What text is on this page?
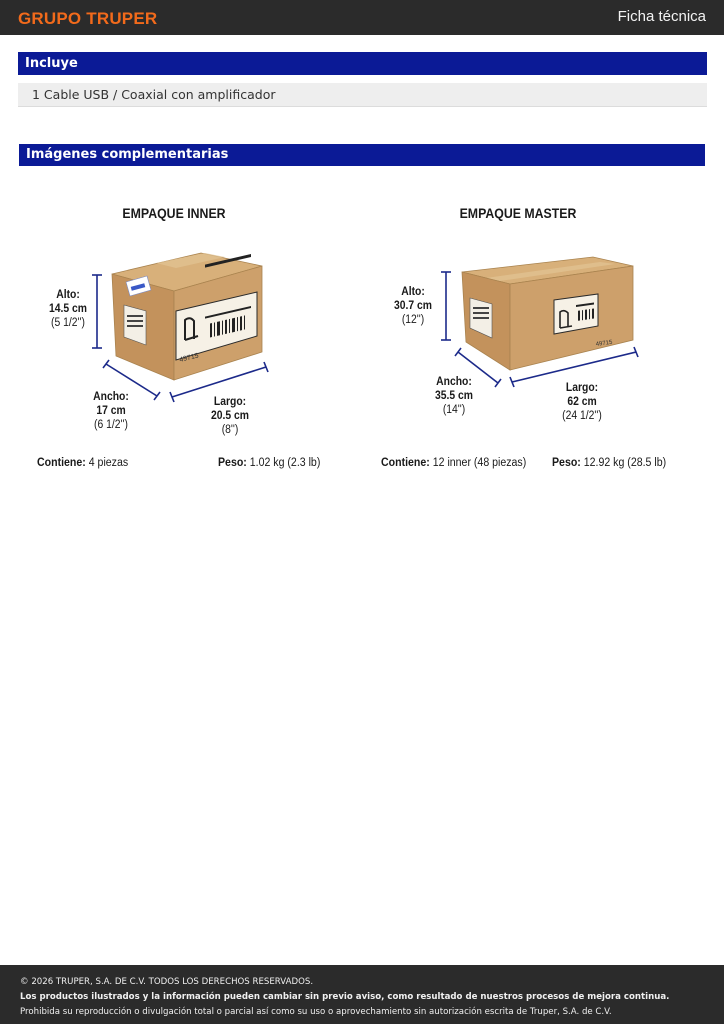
GRUPO TRUPER	Ficha técnica
Incluye
1 Cable USB / Coaxial con amplificador
Imágenes complementarias
49715
49715
EMPAQUE INNER
Alto:
14.5 cm
(5 1/2'')
Ancho:
17 cm
(6 1/2'')
Largo:
20.5 cm
(8'')
Contiene: 4 piezas	Peso: 1.02 kg (2.3 lb)
EMPAQUE MASTER
Alto:
30.7 cm
(12'')
Ancho:
35.5 cm
(14'')
Largo:
62 cm
(24 1/2'')
Contiene: 12 inner (48 piezas) Peso: 12.92 kg (28.5 lb)
© 2026 TRUPER, S.A. DE C.V. TODOS LOS DERECHOS RESERVADOS.
Los productos ilustrados y la información pueden cambiar sin previo aviso, como resultado de nuestros procesos de mejora continua.
Prohibida su reproducción o divulgación total o parcial así como su uso o aprovechamiento sin autorización escrita de Truper, S.A. de C.V.
